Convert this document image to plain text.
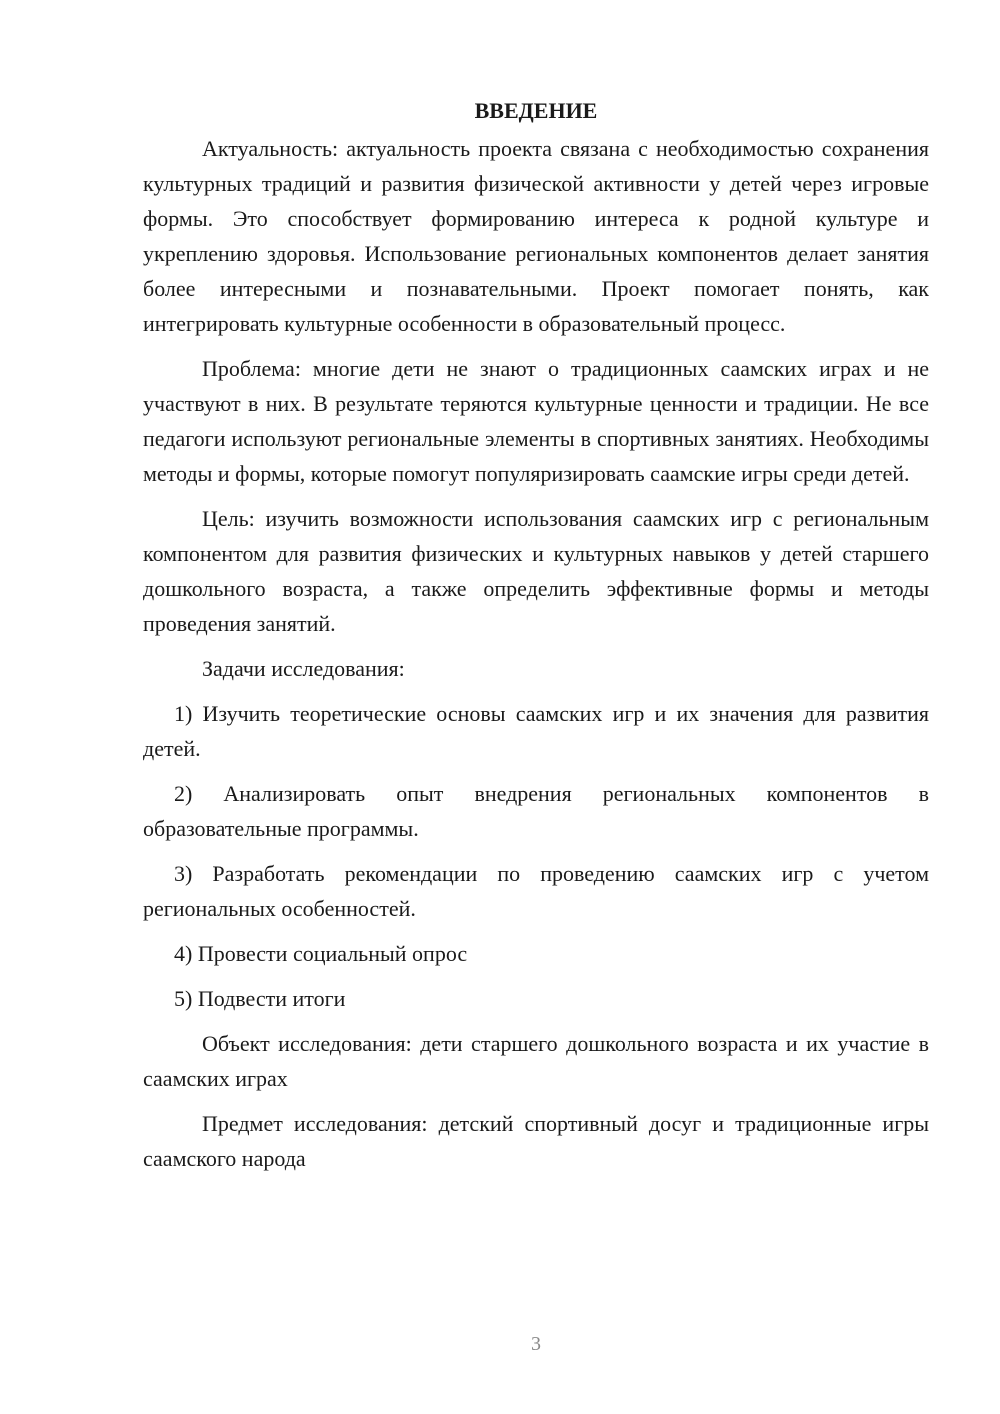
ВВЕДЕНИЕ

Актуальность: актуальность проекта связана с необходимостью сохранения культурных традиций и развития физической активности у детей через игровые формы. Это способствует формированию интереса к родной культуре и укреплению здоровья. Использование региональных компонентов делает занятия более интересными и познавательными. Проект помогает понять, как интегрировать культурные особенности в образовательный процесс.

Проблема: многие дети не знают о традиционных саамских играх и не участвуют в них. В результате теряются культурные ценности и традиции. Не все педагоги используют региональные элементы в спортивных занятиях. Необходимы методы и формы, которые помогут популяризировать саамские игры среди детей.

Цель: изучить возможности использования саамских игр с региональным компонентом для развития физических и культурных навыков у детей старшего дошкольного возраста, а также определить эффективные формы и методы проведения занятий.

Задачи исследования:

1) Изучить теоретические основы саамских игр и их значения для развития детей.

2) Анализировать опыт внедрения региональных компонентов в образовательные программы.

3) Разработать рекомендации по проведению саамских игр с учетом региональных особенностей.

4) Провести социальный опрос

5) Подвести итоги

Объект исследования: дети старшего дошкольного возраста и их участие в саамских играх

Предмет исследования: детский спортивный досуг и традиционные игры саамского народа

3
